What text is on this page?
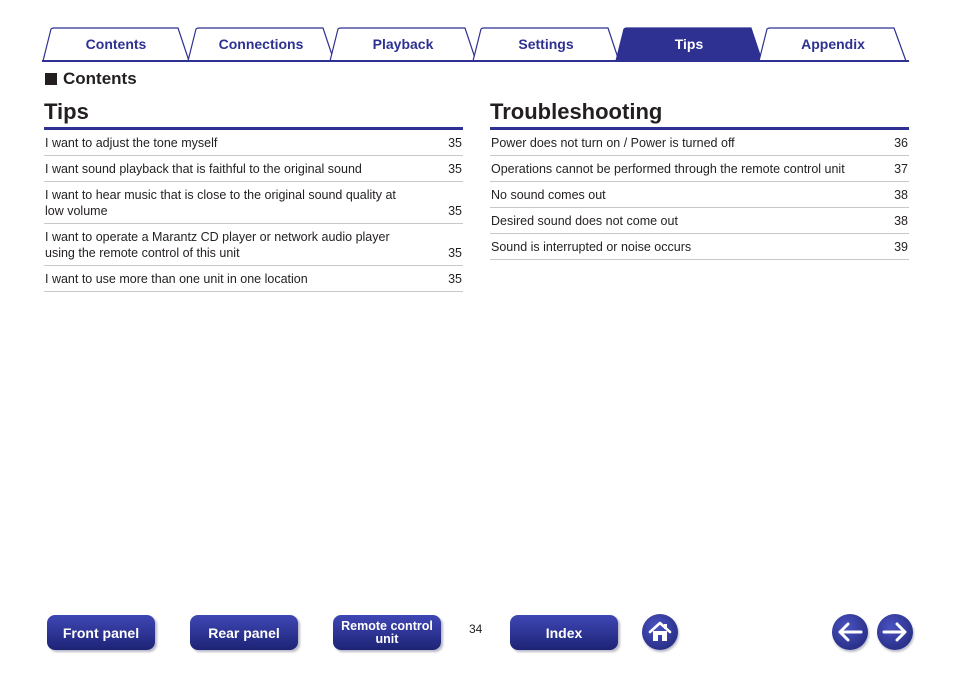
Contents	Connections	Playback	Settings	Tips	Appendix
Contents
Tips
I want to adjust the tone myself	35
I want sound playback that is faithful to the original sound	35
I want to hear music that is close to the original sound quality at low volume	35
I want to operate a Marantz CD player or network audio player using the remote control of this unit	35
I want to use more than one unit in one location	35
Troubleshooting
Power does not turn on / Power is turned off	36
Operations cannot be performed through the remote control unit	37
No sound comes out	38
Desired sound does not come out	38
Sound is interrupted or noise occurs	39
Front panel	Rear panel	Remote control
unit
34	Index
